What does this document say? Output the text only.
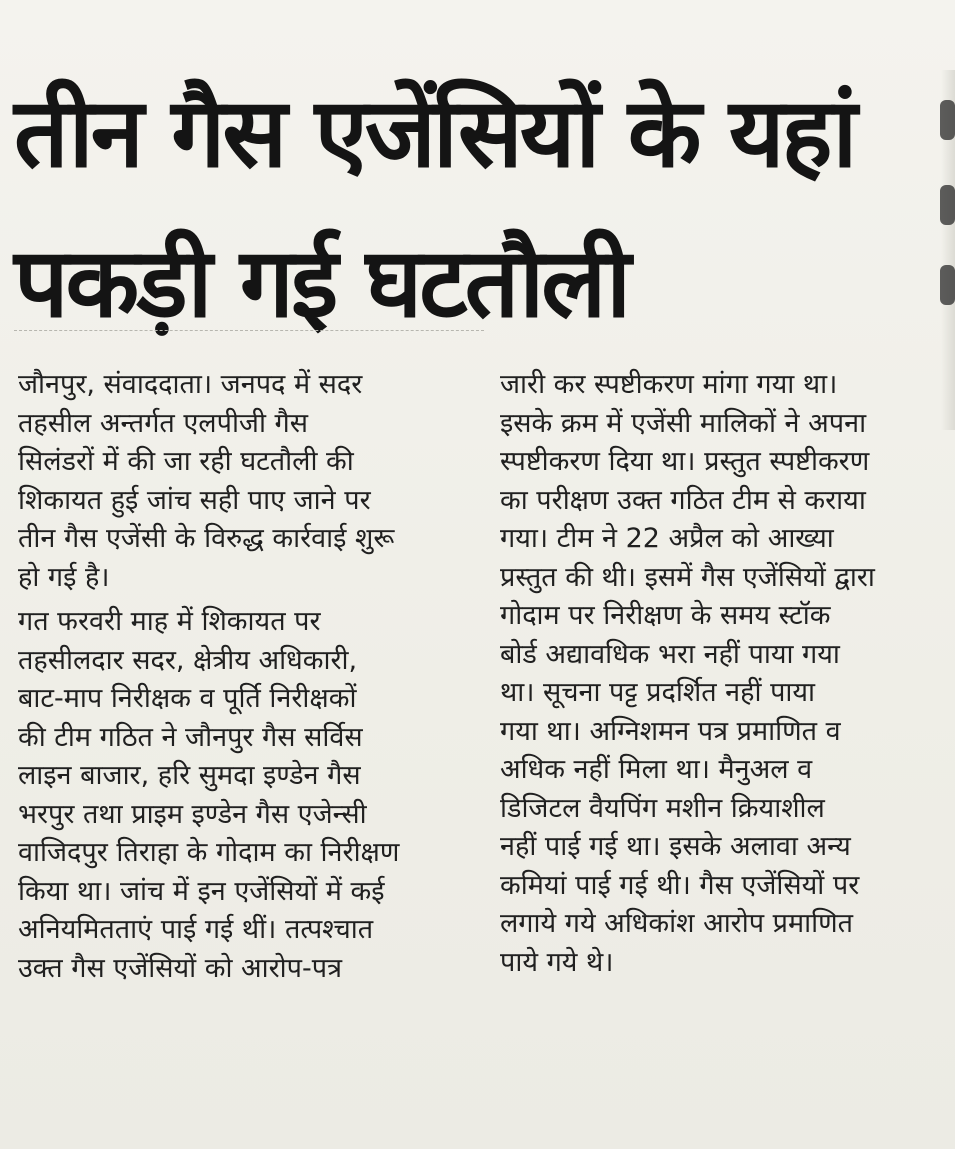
तीन गैस एजेंसियों के यहां
पकड़ी गई घटतौली

जौनपुर, संवाददाता। जनपद में सदर
तहसील अन्तर्गत एलपीजी गैस
सिलंडरों में की जा रही घटतौली की
शिकायत हुई जांच सही पाए जाने पर
तीन गैस एजेंसी के विरुद्ध कार्रवाई शुरू
हो गई है।

गत फरवरी माह में शिकायत पर
तहसीलदार सदर, क्षेत्रीय अधिकारी,
बाट-माप निरीक्षक व पूर्ति निरीक्षकों
की टीम गठित ने जौनपुर गैस सर्विस
लाइन बाजार, हरि सुमदा इण्डेन गैस
भरपुर तथा प्राइम इण्डेन गैस एजेन्सी
वाजिदपुर तिराहा के गोदाम का निरीक्षण
किया था। जांच में इन एजेंसियों में कई
अनियमितताएं पाई गई थीं। तत्पश्चात
उक्त गैस एजेंसियों को आरोप-पत्र

जारी कर स्पष्टीकरण मांगा गया था।
इसके क्रम में एजेंसी मालिकों ने अपना
स्पष्टीकरण दिया था। प्रस्तुत स्पष्टीकरण
का परीक्षण उक्त गठित टीम से कराया
गया। टीम ने 22 अप्रैल को आख्या
प्रस्तुत की थी। इसमें गैस एजेंसियों द्वारा
गोदाम पर निरीक्षण के समय स्टॉक
बोर्ड अद्यावधिक भरा नहीं पाया गया
था। सूचना पट्ट प्रदर्शित नहीं पाया
गया था। अग्निशमन पत्र प्रमाणित व
अधिक नहीं मिला था। मैनुअल व
डिजिटल वैयपिंग मशीन क्रियाशील
नहीं पाई गई था। इसके अलावा अन्य
कमियां पाई गई थी। गैस एजेंसियों पर
लगाये गये अधिकांश आरोप प्रमाणित
पाये गये थे।
